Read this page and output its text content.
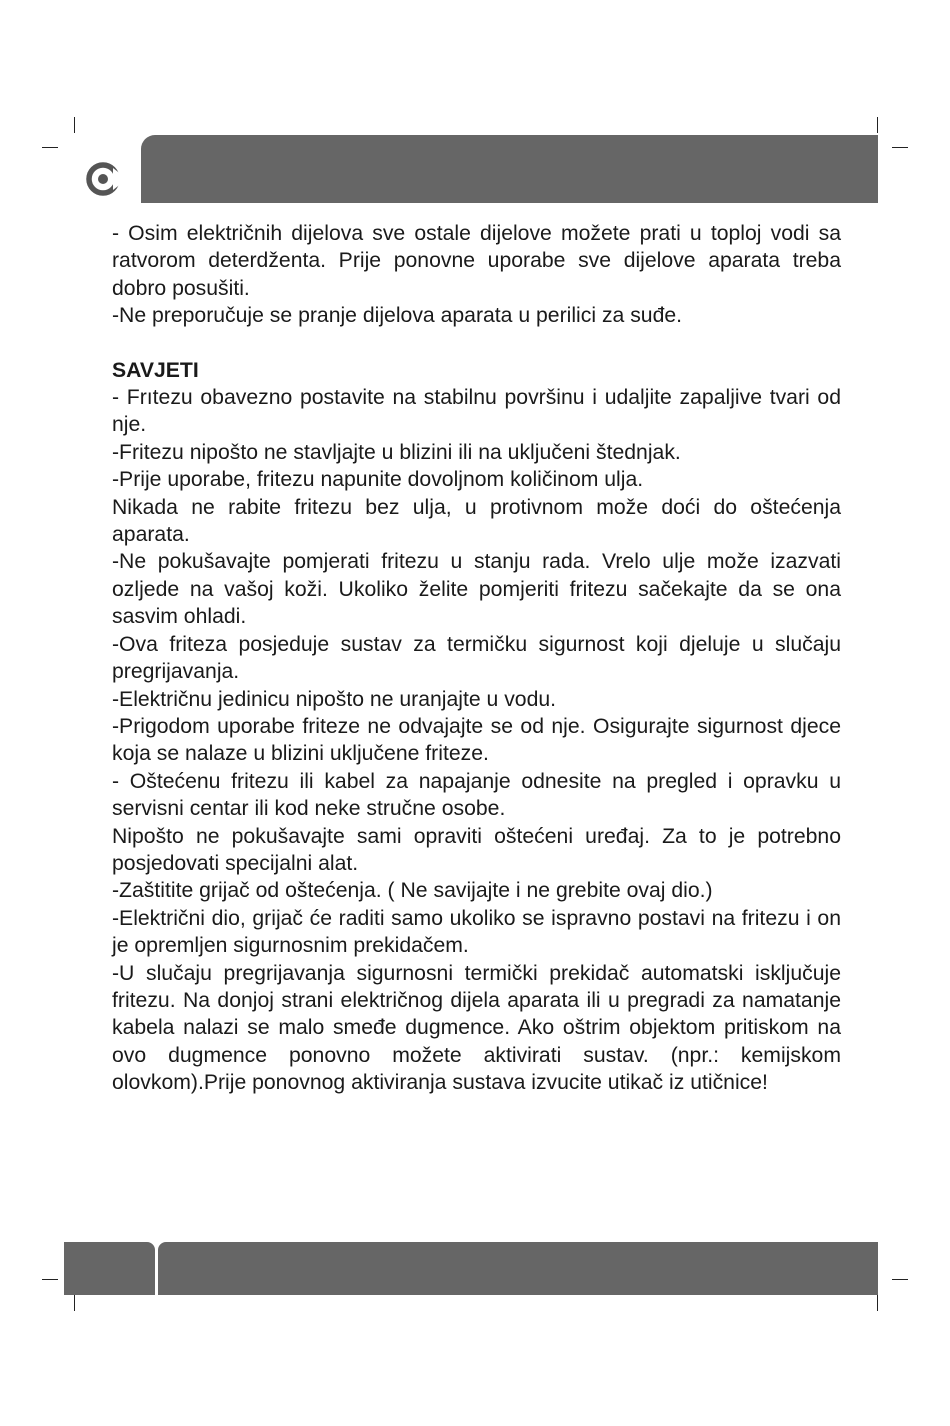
- Osim električnih dijelova sve ostale dijelove možete prati u toploj vodi sa ratvorom deterdženta. Prije ponovne uporabe sve dijelove aparata treba dobro posušiti.

-Ne preporučuje se pranje dijelova aparata u perilici za suđe.

SAVJETI

- Frıtezu obavezno postavite na stabilnu površinu i udaljite zapaljive tvari od nje.

-Fritezu nipošto ne stavljajte u blizini ili na uključeni štednjak.

-Prije uporabe, fritezu napunite dovoljnom količinom ulja.

Nikada ne rabite fritezu bez ulja, u protivnom može doći do oštećenja aparata.

-Ne pokušavajte pomjerati fritezu u stanju rada. Vrelo ulje može izazvati ozljede na vašoj koži. Ukoliko želite pomjeriti fritezu sačekajte da se ona sasvim ohladi.

-Ova friteza posjeduje sustav za termičku sigurnost koji djeluje u slučaju pregrijavanja.

-Električnu jedinicu nipošto ne uranjajte u vodu.

-Prigodom uporabe friteze ne odvajajte se od nje. Osigurajte sigurnost djece koja se nalaze u blizini uključene friteze.

- Oštećenu fritezu ili kabel za napajanje odnesite na pregled i opravku u servisni centar ili kod neke stručne osobe.

Nipošto ne pokušavajte sami opraviti oštećeni uređaj. Za to je potrebno posjedovati specijalni alat.

-Zaštitite grijač od oštećenja. ( Ne savijajte i ne grebite ovaj dio.)

-Električni dio, grijač će raditi samo ukoliko se ispravno postavi na fritezu i on je opremljen sigurnosnim prekidačem.

-U slučaju pregrijavanja sigurnosni termički prekidač automatski isključuje fritezu. Na donjoj strani električnog dijela aparata ili u pregradi za namatanje kabela nalazi se malo smeđe dugmence. Ako oštrim objektom pritiskom na ovo dugmence ponovno možete aktivirati sustav. (npr.: kemijskom olovkom).Prije ponovnog aktiviranja sustava izvucite utikač iz utičnice!
